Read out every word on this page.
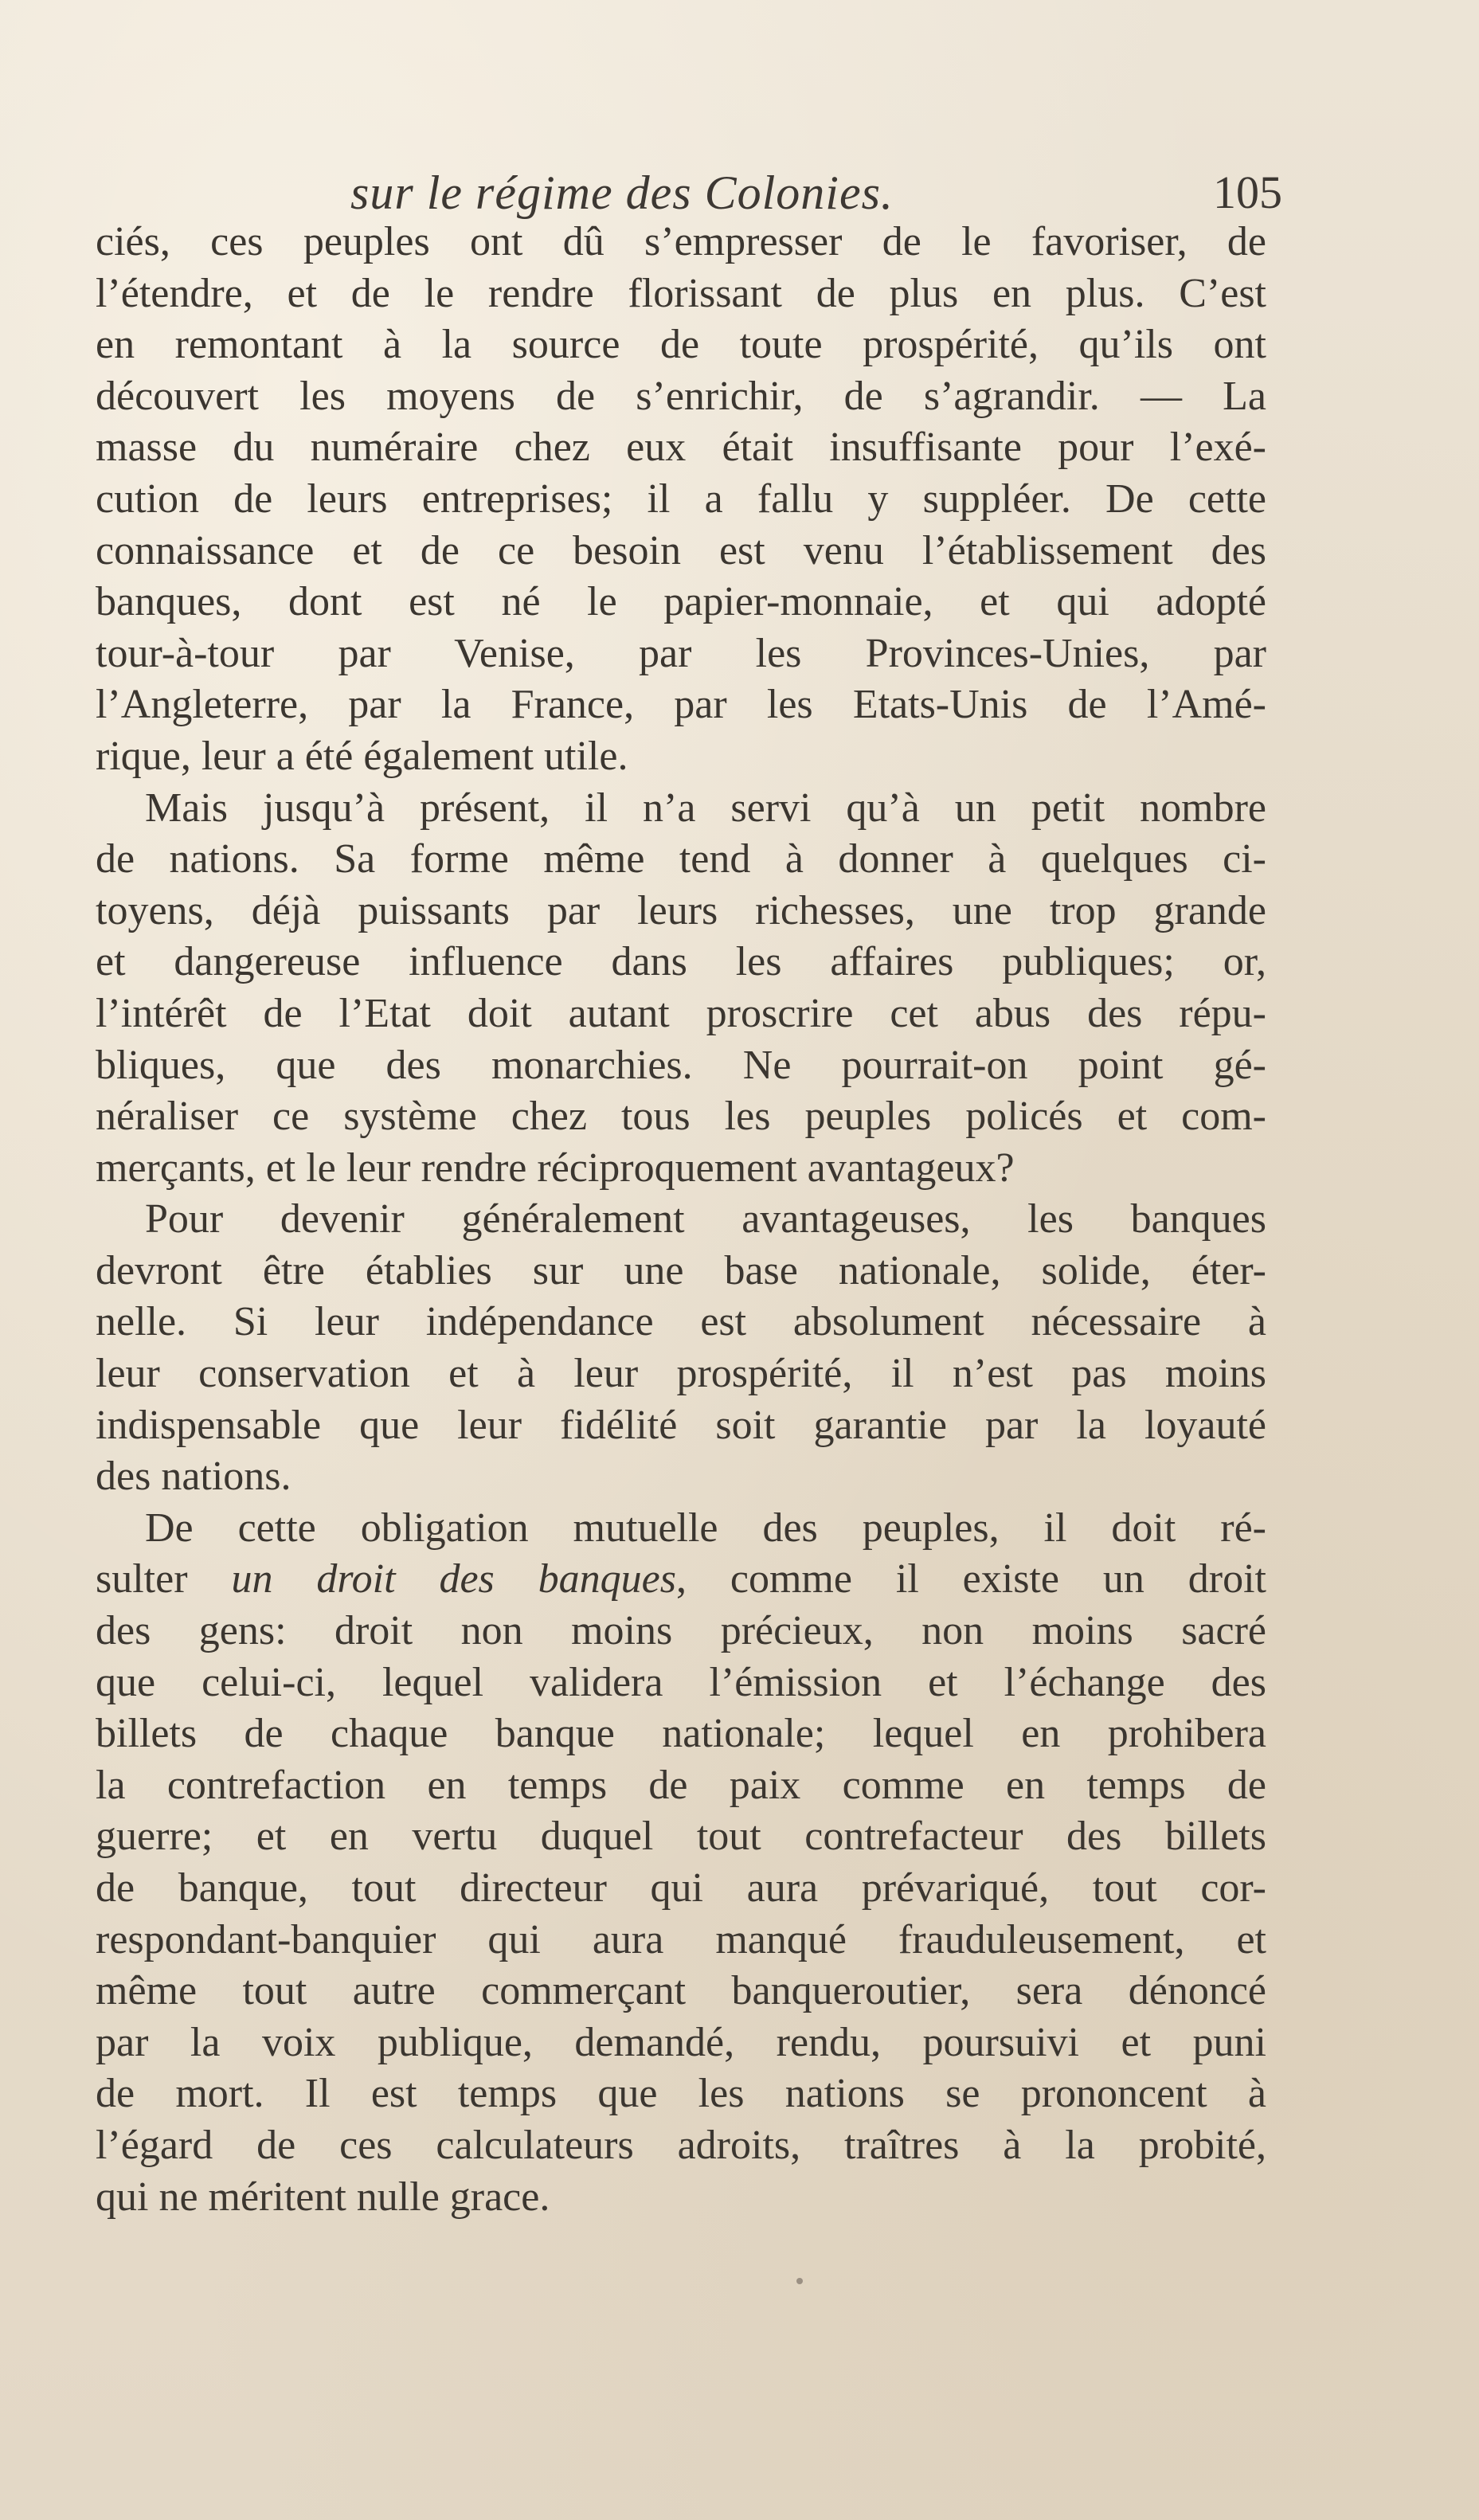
sur le régime des Colonies.	105
ciés, ces peuples ont dû s’empresser de le favoriser, de
l’étendre, et de le rendre florissant de plus en plus. C’est
en remontant à la source de toute prospérité, qu’ils ont
découvert les moyens de s’enrichir, de s’agrandir. — La
masse du numéraire chez eux était insuffisante pour l’exé-
cution de leurs entreprises; il a fallu y suppléer. De cette
connaissance et de ce besoin est venu l’établissement des
banques, dont est né le papier-monnaie, et qui adopté
tour-à-tour par Venise, par les Provinces-Unies, par
l’Angleterre, par la France, par les Etats-Unis de l’Amé-
rique, leur a été également utile.
Mais jusqu’à présent, il n’a servi qu’à un petit nombre
de nations. Sa forme même tend à donner à quelques ci-
toyens, déjà puissants par leurs richesses, une trop grande
et dangereuse influence dans les affaires publiques; or,
l’intérêt de l’Etat doit autant proscrire cet abus des répu-
bliques, que des monarchies. Ne pourrait-on point gé-
néraliser ce système chez tous les peuples policés et com-
merçants, et le leur rendre réciproquement avantageux?
Pour devenir généralement avantageuses, les banques
devront être établies sur une base nationale, solide, éter-
nelle. Si leur indépendance est absolument nécessaire à
leur conservation et à leur prospérité, il n’est pas moins
indispensable que leur fidélité soit garantie par la loyauté
des nations.
De cette obligation mutuelle des peuples, il doit ré-
sulter un droit des banques, comme il existe un droit
des gens: droit non moins précieux, non moins sacré
que celui-ci, lequel validera l’émission et l’échange des
billets de chaque banque nationale; lequel en prohibera
la contrefaction en temps de paix comme en temps de
guerre; et en vertu duquel tout contrefacteur des billets
de banque, tout directeur qui aura prévariqué, tout cor-
respondant-banquier qui aura manqué frauduleusement, et
même tout autre commerçant banqueroutier, sera dénoncé
par la voix publique, demandé, rendu, poursuivi et puni
de mort. Il est temps que les nations se prononcent à
l’égard de ces calculateurs adroits, traîtres à la probité,
qui ne méritent nulle grace.
